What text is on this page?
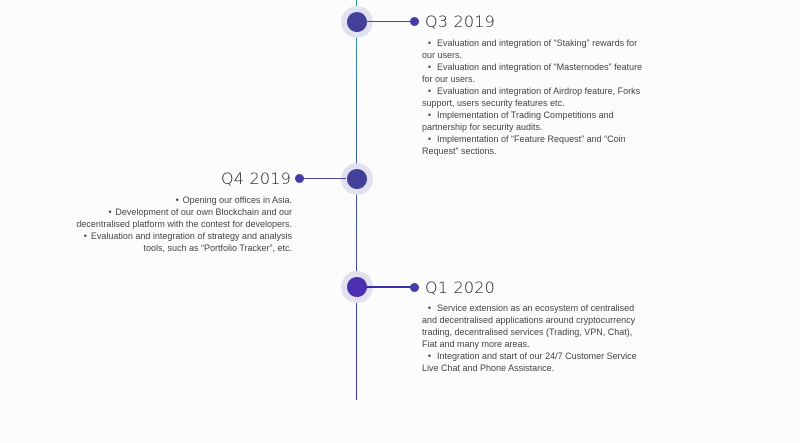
Q3 2019
• Evaluation and integration of “Staking” rewards for our users.
• Evaluation and integration of “Masternodes” feature for our users.
• Evaluation and integration of Airdrop feature, Forks support, users security features etc.
• Implementation of Trading Competitions and partnership for security audits.
• Implementation of “Feature Request” and “Coin Request” sections.
Q4 2019
• Opening our offices in Asia.
• Development of our own Blockchain and our decentralised platform with the contest for developers.
• Evaluation and integration of strategy and analysis tools, such as “Portfolio Tracker”, etc.
Q1 2020
• Service extension as an ecosystem of centralised and decentralised applications around cryptocurrency trading, decentralised services (Trading, VPN, Chat), Fiat and many more areas.
• Integration and start of our 24/7 Customer Service Live Chat and Phone Assistance.
